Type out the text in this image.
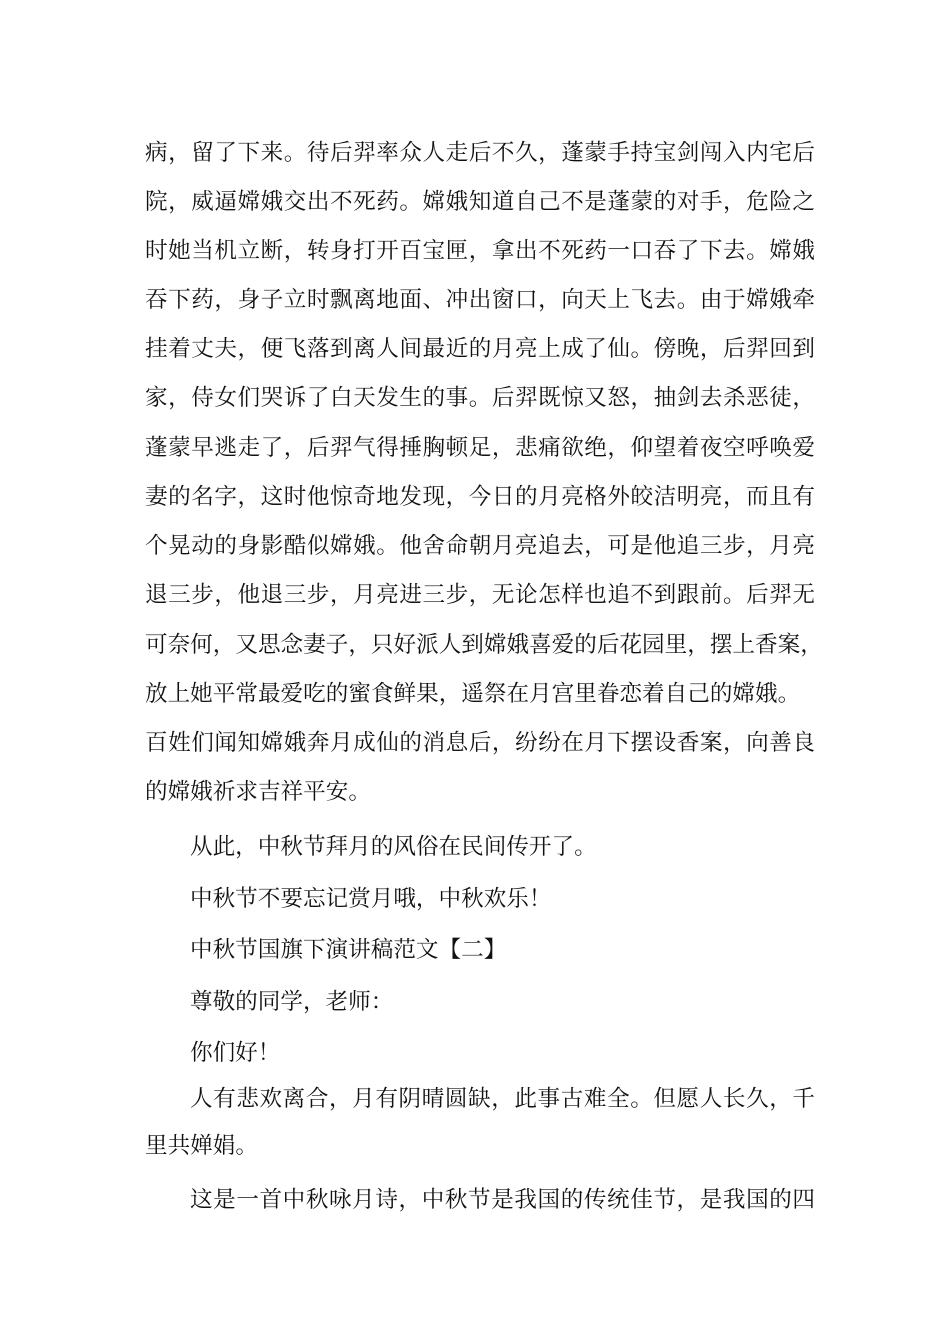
病，留了下来。待后羿率众人走后不久，蓬蒙手持宝剑闯入内宅后
院，威逼嫦娥交出不死药。嫦娥知道自己不是蓬蒙的对手，危险之
时她当机立断，转身打开百宝匣，拿出不死药一口吞了下去。嫦娥
吞下药，身子立时飘离地面、冲出窗口，向天上飞去。由于嫦娥牵
挂着丈夫，便飞落到离人间最近的月亮上成了仙。傍晚，后羿回到
家，侍女们哭诉了白天发生的事。后羿既惊又怒，抽剑去杀恶徒，
蓬蒙早逃走了，后羿气得捶胸顿足，悲痛欲绝，仰望着夜空呼唤爱
妻的名字，这时他惊奇地发现，今日的月亮格外皎洁明亮，而且有
个晃动的身影酷似嫦娥。他舍命朝月亮追去，可是他追三步，月亮
退三步，他退三步，月亮进三步，无论怎样也追不到跟前。后羿无
可奈何，又思念妻子，只好派人到嫦娥喜爱的后花园里，摆上香案，
放上她平常最爱吃的蜜食鲜果，遥祭在月宫里眷恋着自己的嫦娥。
百姓们闻知嫦娥奔月成仙的消息后，纷纷在月下摆设香案，向善良
的嫦娥祈求吉祥平安。
从此，中秋节拜月的风俗在民间传开了。
中秋节不要忘记赏月哦，中秋欢乐！
中秋节国旗下演讲稿范文【二】
尊敬的同学，老师：
你们好！
人有悲欢离合，月有阴晴圆缺，此事古难全。但愿人长久，千
里共婵娟。
这是一首中秋咏月诗，中秋节是我国的传统佳节，是我国的四
